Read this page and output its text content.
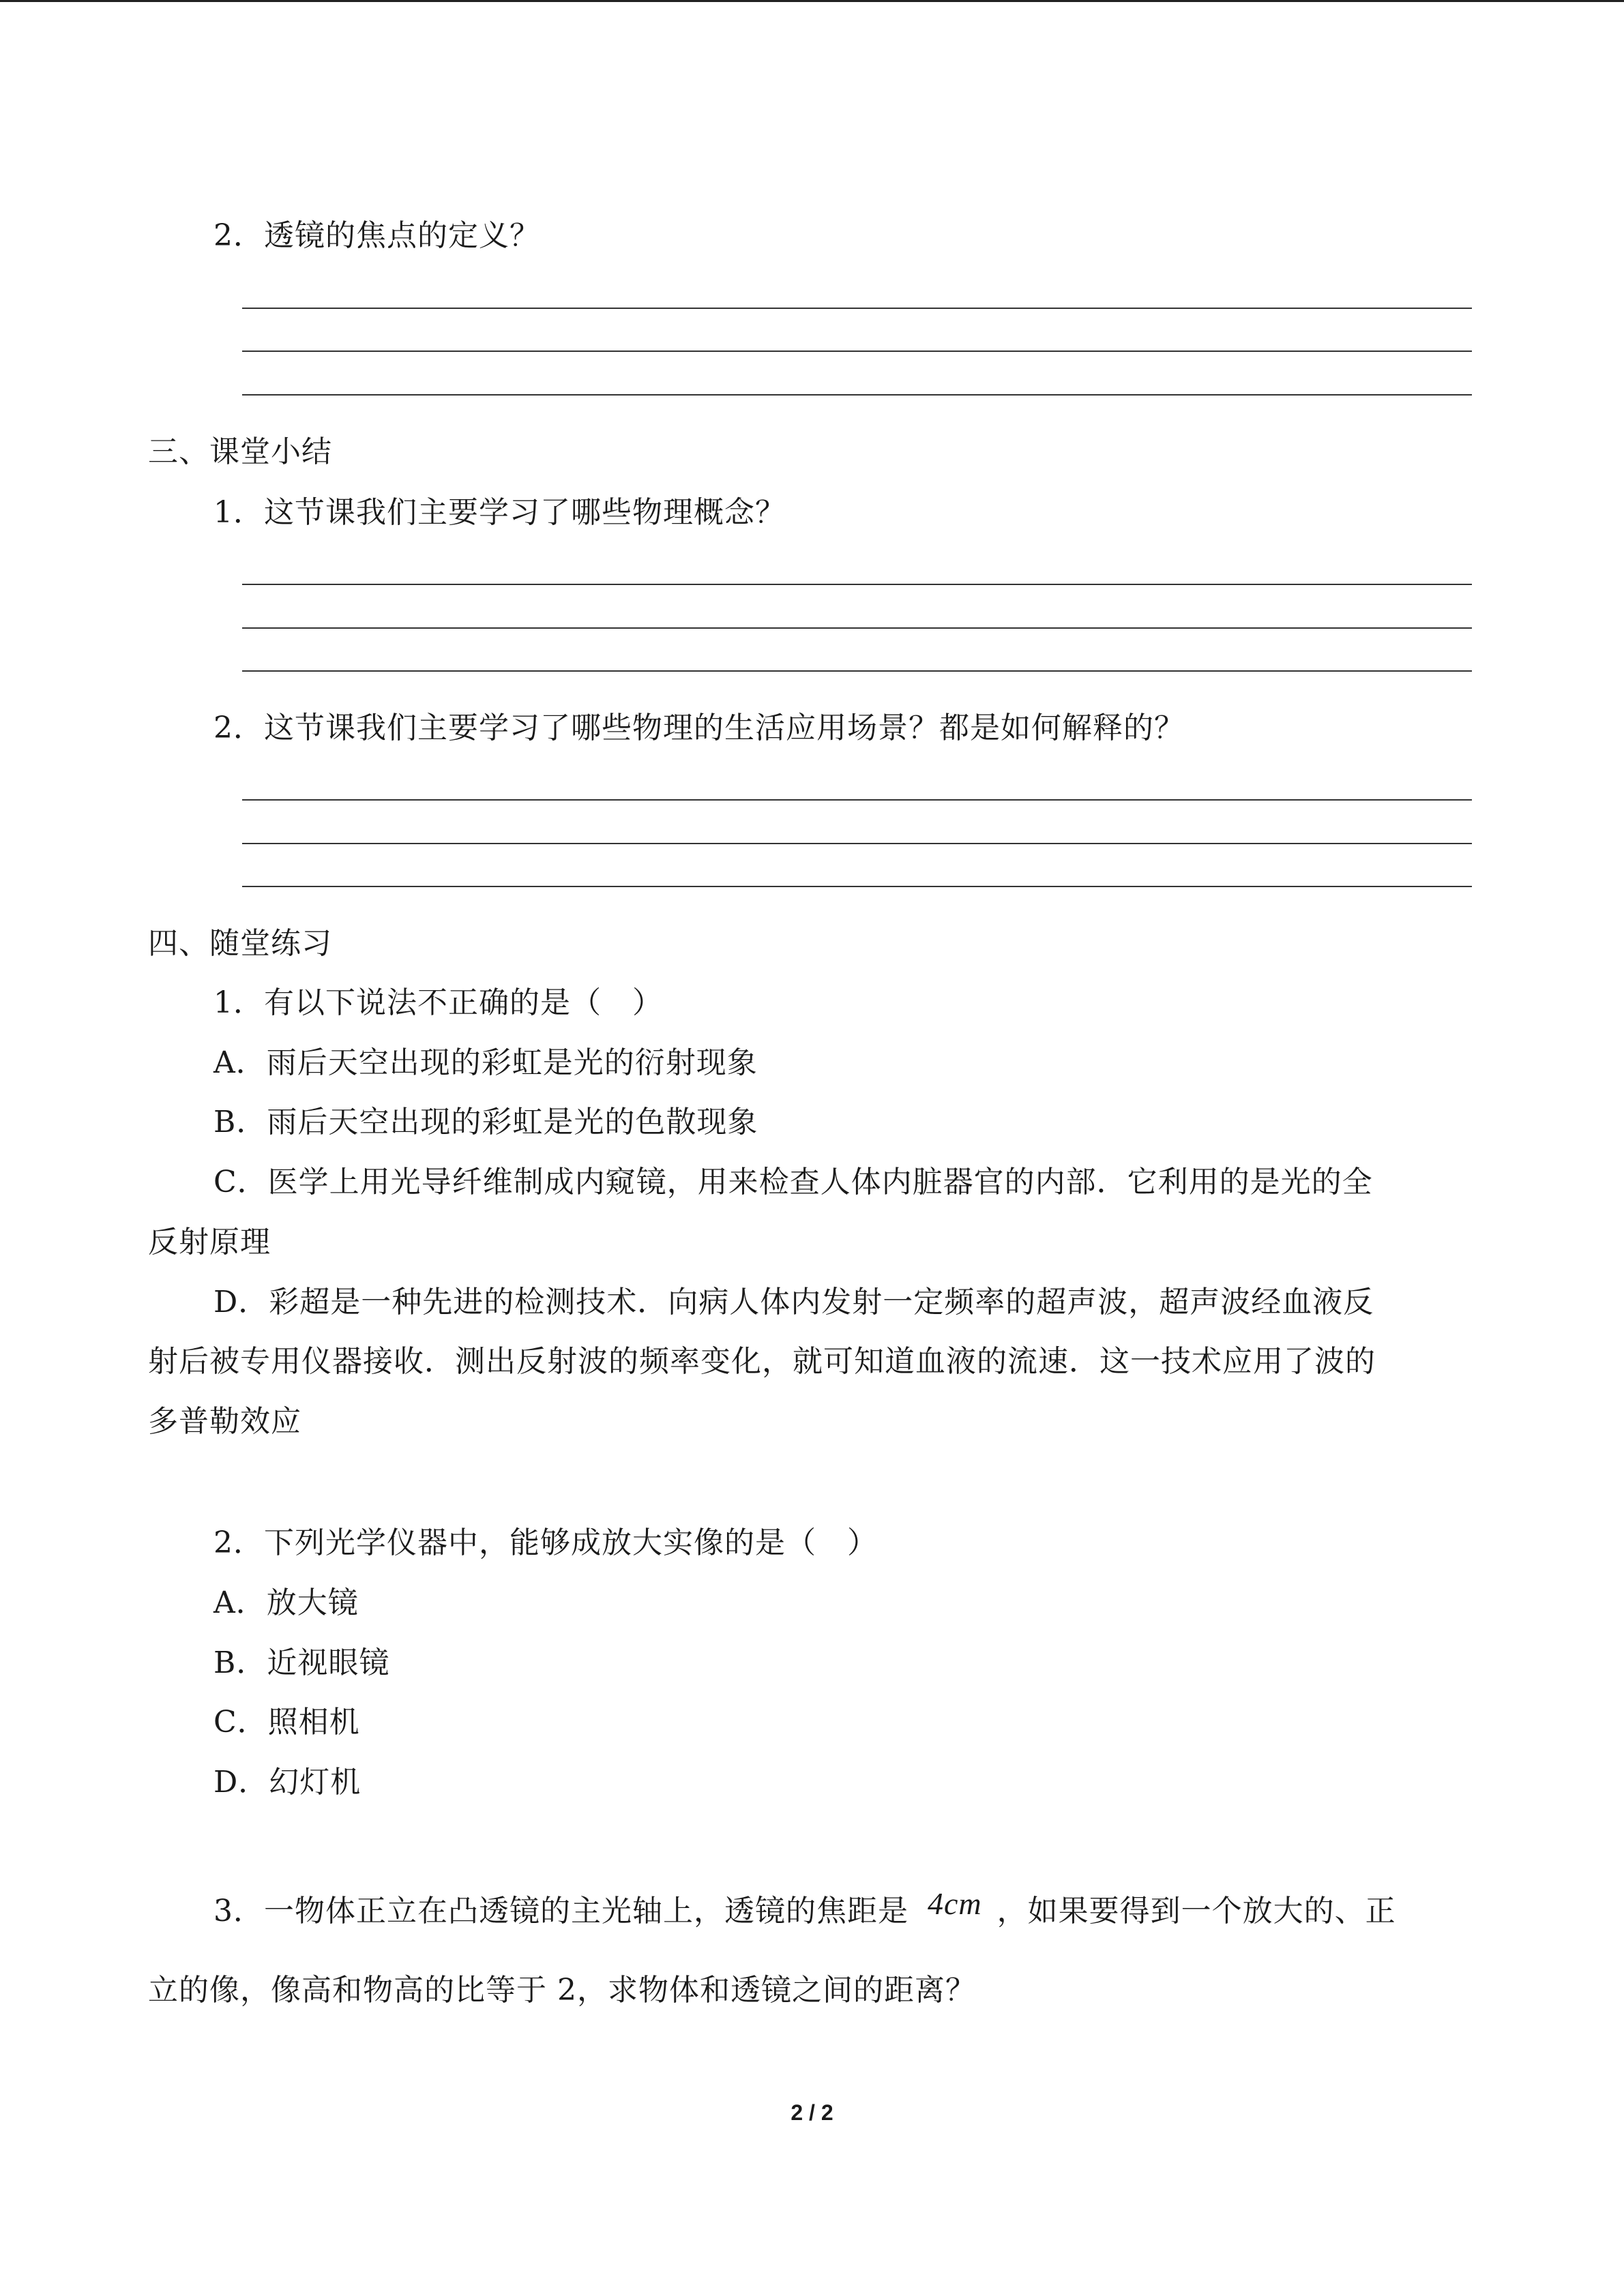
2．透镜的焦点的定义？
三、课堂小结
1．这节课我们主要学习了哪些物理概念？
2．这节课我们主要学习了哪些物理的生活应用场景？都是如何解释的？
四、随堂练习
1．有以下说法不正确的是（　）
A．雨后天空出现的彩虹是光的衍射现象
B．雨后天空出现的彩虹是光的色散现象
C．医学上用光导纤维制成内窥镜，用来检查人体内脏器官的内部．它利用的是光的全
反射原理
D．彩超是一种先进的检测技术．向病人体内发射一定频率的超声波，超声波经血液反
射后被专用仪器接收．测出反射波的频率变化，就可知道血液的流速．这一技术应用了波的
多普勒效应
2．下列光学仪器中，能够成放大实像的是（　）
A．放大镜
B．近视眼镜
C．照相机
D．幻灯机
3．一物体正立在凸透镜的主光轴上，透镜的焦距是 4cm ，如果要得到一个放大的、正
立的像，像高和物高的比等于 2，求物体和透镜之间的距离？
2 / 2
